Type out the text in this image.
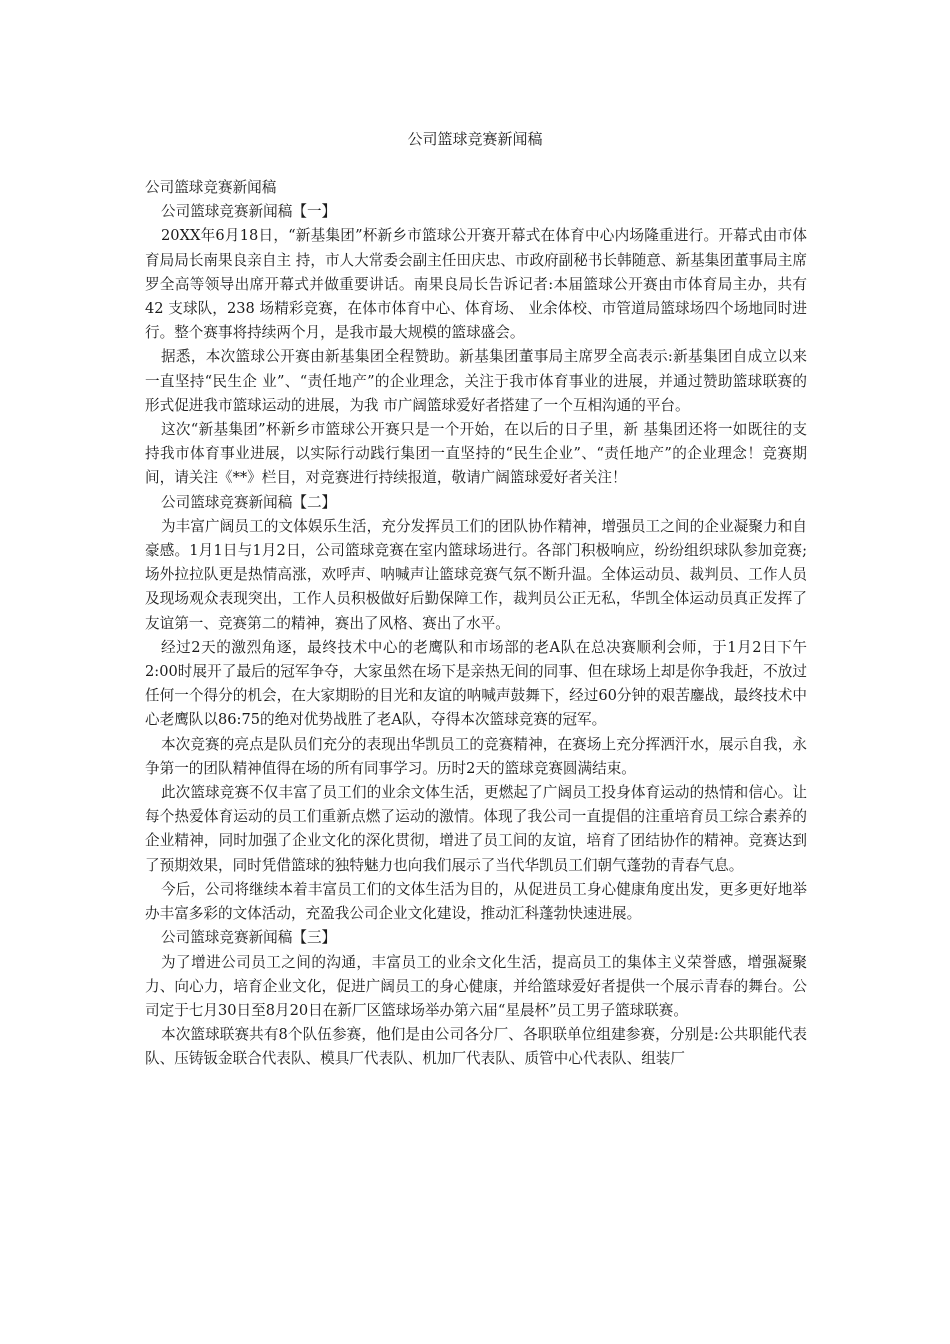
公司篮球竞赛新闻稿

公司篮球竞赛新闻稿

公司篮球竞赛新闻稿【一】

20XX年6月18日，“新基集团”杯新乡市篮球公开赛开幕式在体育中心内场隆重进行。开幕式由市体育局局长南果良亲自主 持，市人大常委会副主任田庆忠、市政府副秘书长韩随意、新基集团董事局主席罗全高等领导出席开幕式并做重要讲话。南果良局长告诉记者:本届篮球公开赛由市体育局主办，共有 42 支球队，238 场精彩竞赛，在体市体育中心、体育场、 业余体校、市管道局篮球场四个场地同时进行。整个赛事将持续两个月，是我市最大规模的篮球盛会。

据悉，本次篮球公开赛由新基集团全程赞助。新基集团董事局主席罗全高表示:新基集团自成立以来一直坚持“民生企 业”、“责任地产”的企业理念，关注于我市体育事业的进展，并通过赞助篮球联赛的形式促进我市篮球运动的进展，为我 市广阔篮球爱好者搭建了一个互相沟通的平台。

这次“新基集团”杯新乡市篮球公开赛只是一个开始，在以后的日子里，新 基集团还将一如既往的支持我市体育事业进展，以实际行动践行集团一直坚持的“民生企业”、“责任地产”的企业理念！竞赛期间，请关注《**》栏目，对竞赛进行持续报道，敬请广阔篮球爱好者关注！

公司篮球竞赛新闻稿【二】

为丰富广阔员工的文体娱乐生活，充分发挥员工们的团队协作精神，增强员工之间的企业凝聚力和自豪感。1月1日与1月2日，公司篮球竞赛在室内篮球场进行。各部门积极响应，纷纷组织球队参加竞赛;场外拉拉队更是热情高涨，欢呼声、呐喊声让篮球竞赛气氛不断升温。全体运动员、裁判员、工作人员及现场观众表现突出，工作人员积极做好后勤保障工作，裁判员公正无私，华凯全体运动员真正发挥了友谊第一、竞赛第二的精神，赛出了风格、赛出了水平。

经过2天的激烈角逐，最终技术中心的老鹰队和市场部的老A队在总决赛顺利会师，于1月2日下午2:00时展开了最后的冠军争夺，大家虽然在场下是亲热无间的同事、但在球场上却是你争我赶，不放过任何一个得分的机会，在大家期盼的目光和友谊的呐喊声鼓舞下，经过60分钟的艰苦鏖战，最终技术中心老鹰队以86:75的绝对优势战胜了老A队，夺得本次篮球竞赛的冠军。

本次竞赛的亮点是队员们充分的表现出华凯员工的竞赛精神，在赛场上充分挥洒汗水，展示自我，永争第一的团队精神值得在场的所有同事学习。历时2天的篮球竞赛圆满结束。

此次篮球竞赛不仅丰富了员工们的业余文体生活，更燃起了广阔员工投身体育运动的热情和信心。让每个热爱体育运动的员工们重新点燃了运动的激情。体现了我公司一直提倡的注重培育员工综合素养的企业精神，同时加强了企业文化的深化贯彻，增进了员工间的友谊，培育了团结协作的精神。竞赛达到了预期效果，同时凭借篮球的独特魅力也向我们展示了当代华凯员工们朝气蓬勃的青春气息。

今后，公司将继续本着丰富员工们的文体生活为目的，从促进员工身心健康角度出发，更多更好地举办丰富多彩的文体活动，充盈我公司企业文化建设，推动汇科蓬勃快速进展。

公司篮球竞赛新闻稿【三】

为了增进公司员工之间的沟通，丰富员工的业余文化生活，提高员工的集体主义荣誉感，增强凝聚力、向心力，培育企业文化，促进广阔员工的身心健康，并给篮球爱好者提供一个展示青春的舞台。公司定于七月30日至8月20日在新厂区篮球场举办第六届“星晨杯”员工男子篮球联赛。

本次篮球联赛共有8个队伍参赛，他们是由公司各分厂、各职联单位组建参赛，分别是:公共职能代表队、压铸钣金联合代表队、模具厂代表队、机加厂代表队、质管中心代表队、组装厂
